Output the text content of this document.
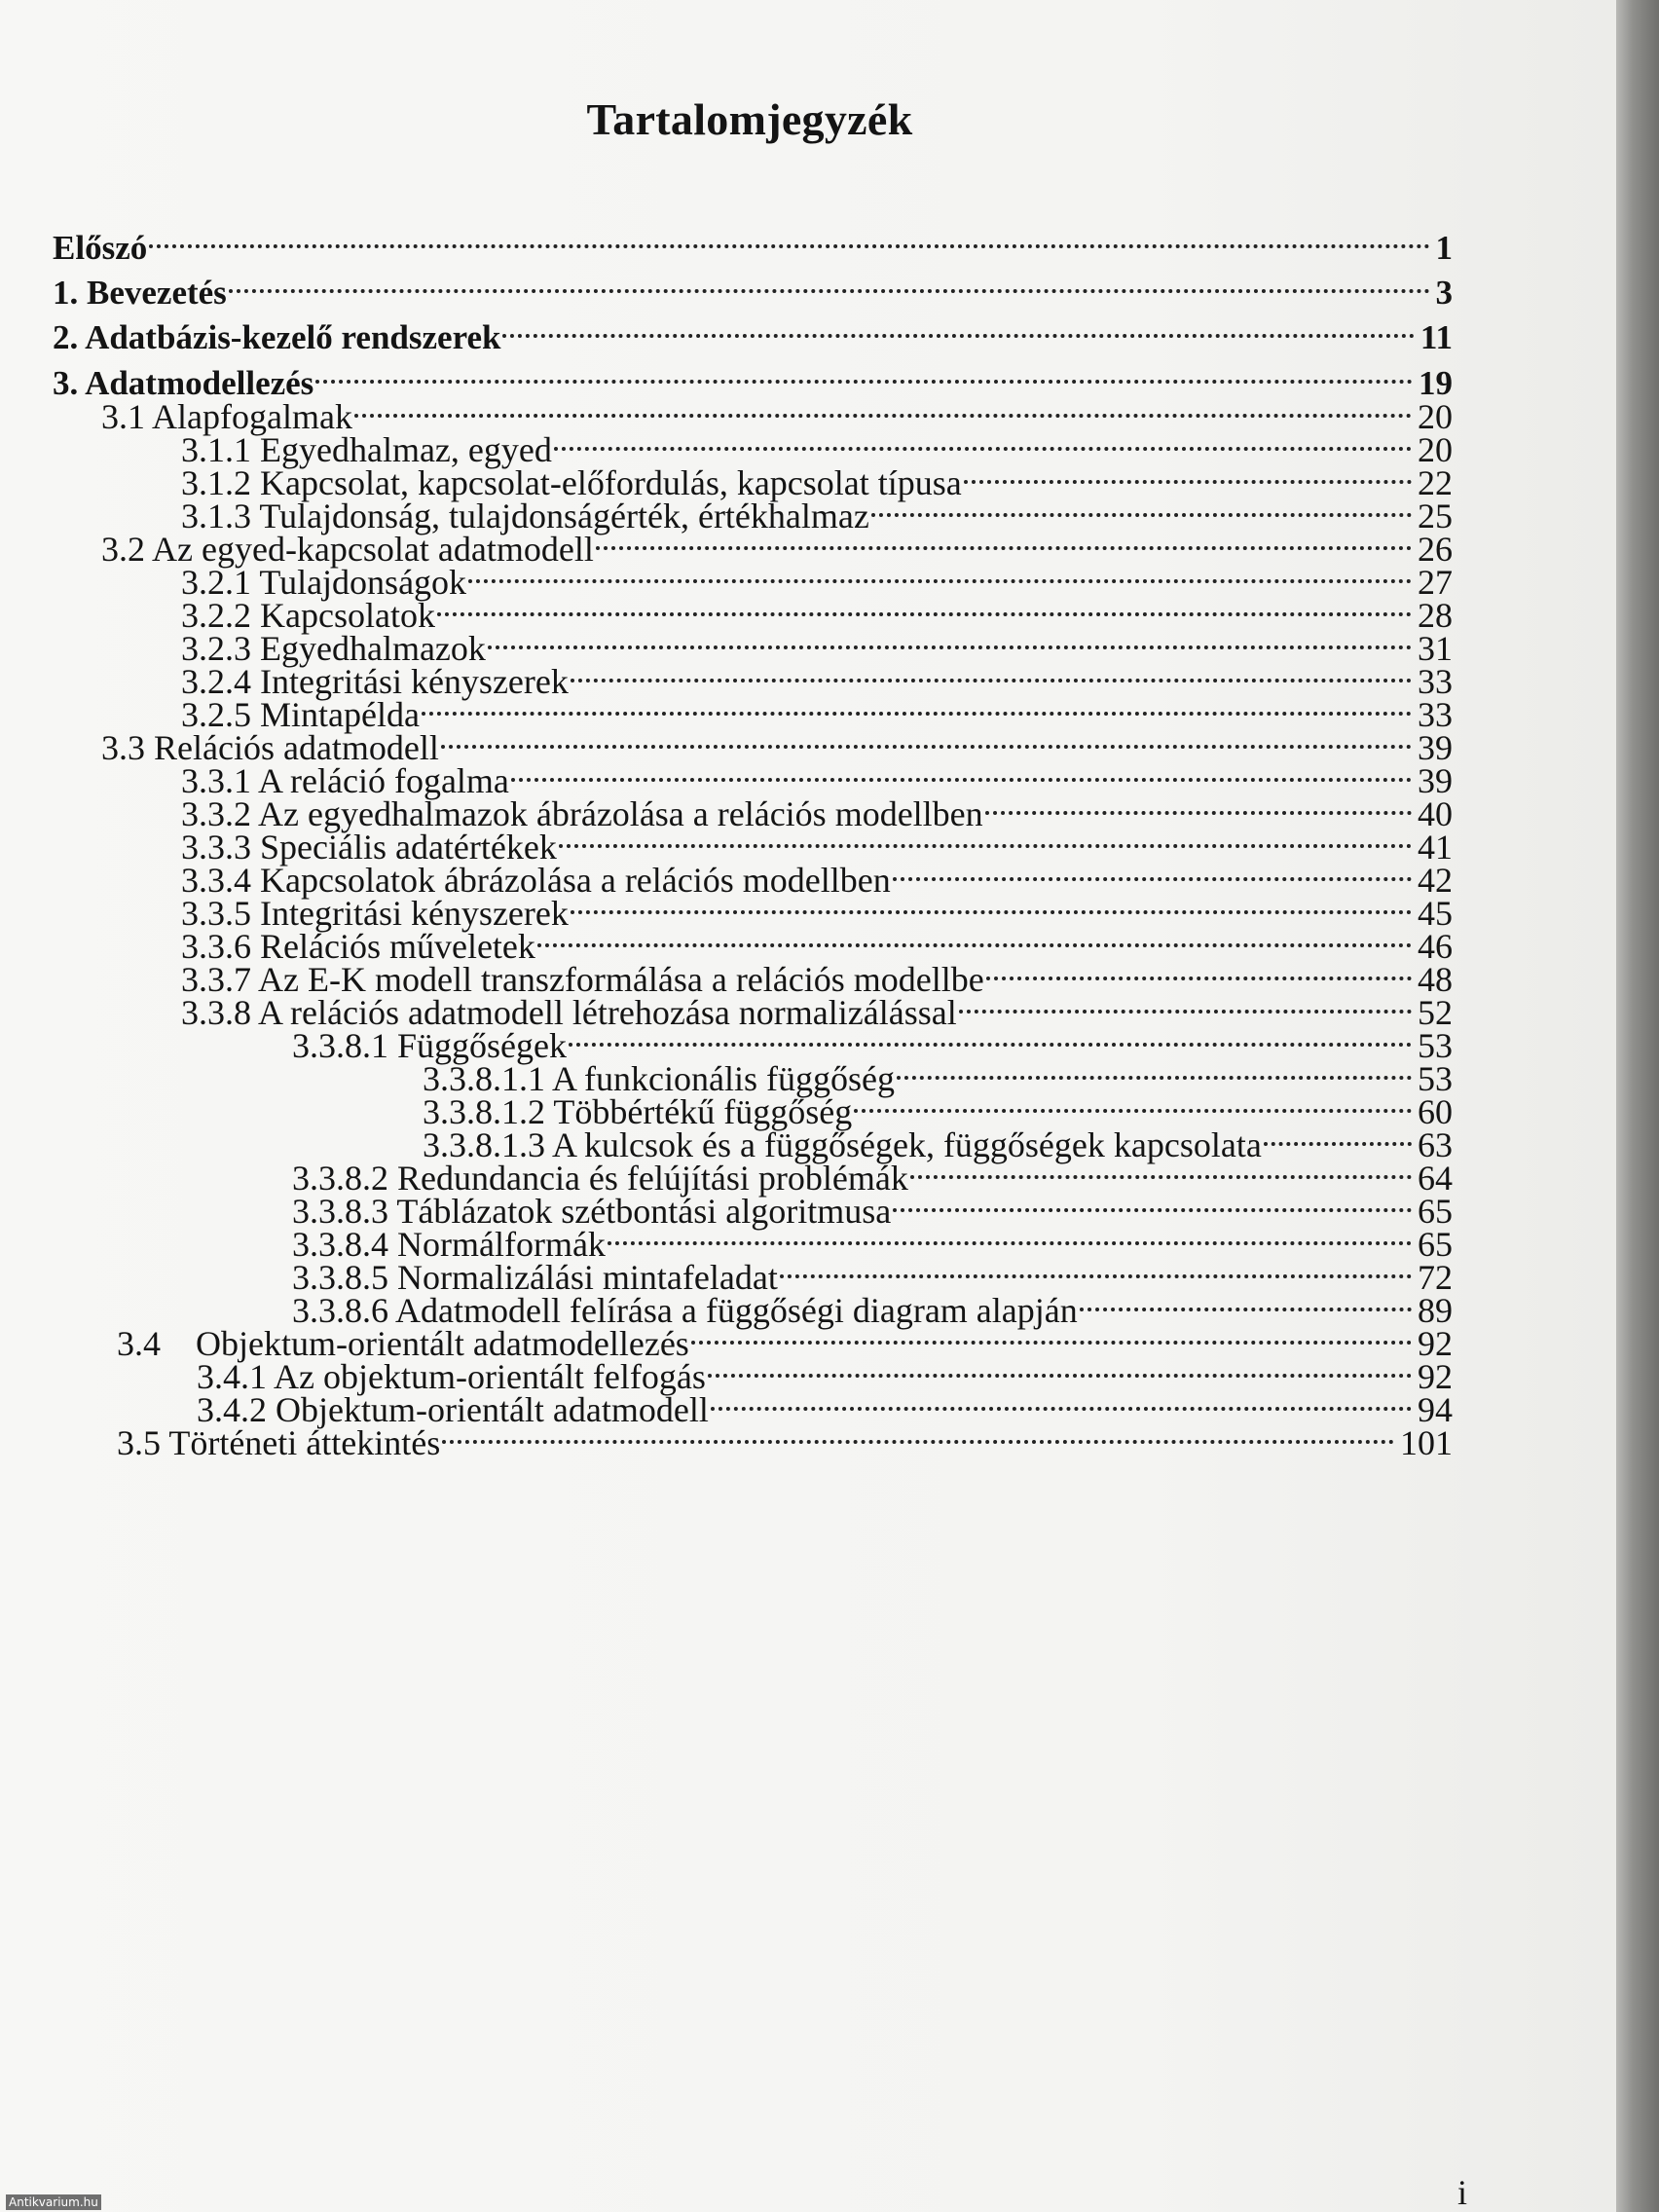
Tartalomjegyzék
Előszó	1
1. Bevezetés	3
2. Adatbázis-kezelő rendszerek	11
3. Adatmodellezés	19
3.1 Alapfogalmak	20
3.1.1 Egyedhalmaz, egyed	20
3.1.2 Kapcsolat, kapcsolat-előfordulás, kapcsolat típusa	22
3.1.3 Tulajdonság, tulajdonságérték, értékhalmaz	25
3.2 Az egyed-kapcsolat adatmodell	26
3.2.1 Tulajdonságok	27
3.2.2 Kapcsolatok	28
3.2.3 Egyedhalmazok	31
3.2.4 Integritási kényszerek	33
3.2.5 Mintapélda	33
3.3 Relációs adatmodell	39
3.3.1 A reláció fogalma	39
3.3.2 Az egyedhalmazok ábrázolása a relációs modellben	40
3.3.3 Speciális adatértékek	41
3.3.4 Kapcsolatok ábrázolása a relációs modellben	42
3.3.5 Integritási kényszerek	45
3.3.6 Relációs műveletek	46
3.3.7 Az E-K modell transzformálása a relációs modellbe	48
3.3.8 A relációs adatmodell létrehozása normalizálással	52
3.3.8.1 Függőségek	53
3.3.8.1.1 A funkcionális függőség	53
3.3.8.1.2 Többértékű függőség	60
3.3.8.1.3 A kulcsok és a függőségek, függőségek kapcsolata	63
3.3.8.2 Redundancia és felújítási problémák	64
3.3.8.3 Táblázatok szétbontási algoritmusa	65
3.3.8.4 Normálformák	65
3.3.8.5 Normalizálási mintafeladat	72
3.3.8.6 Adatmodell felírása a függőségi diagram alapján	89
3.4    Objektum-orientált adatmodellezés	92
3.4.1 Az objektum-orientált felfogás	92
3.4.2 Objektum-orientált adatmodell	94
3.5 Történeti áttekintés	101
i
Antikvarium.hu
